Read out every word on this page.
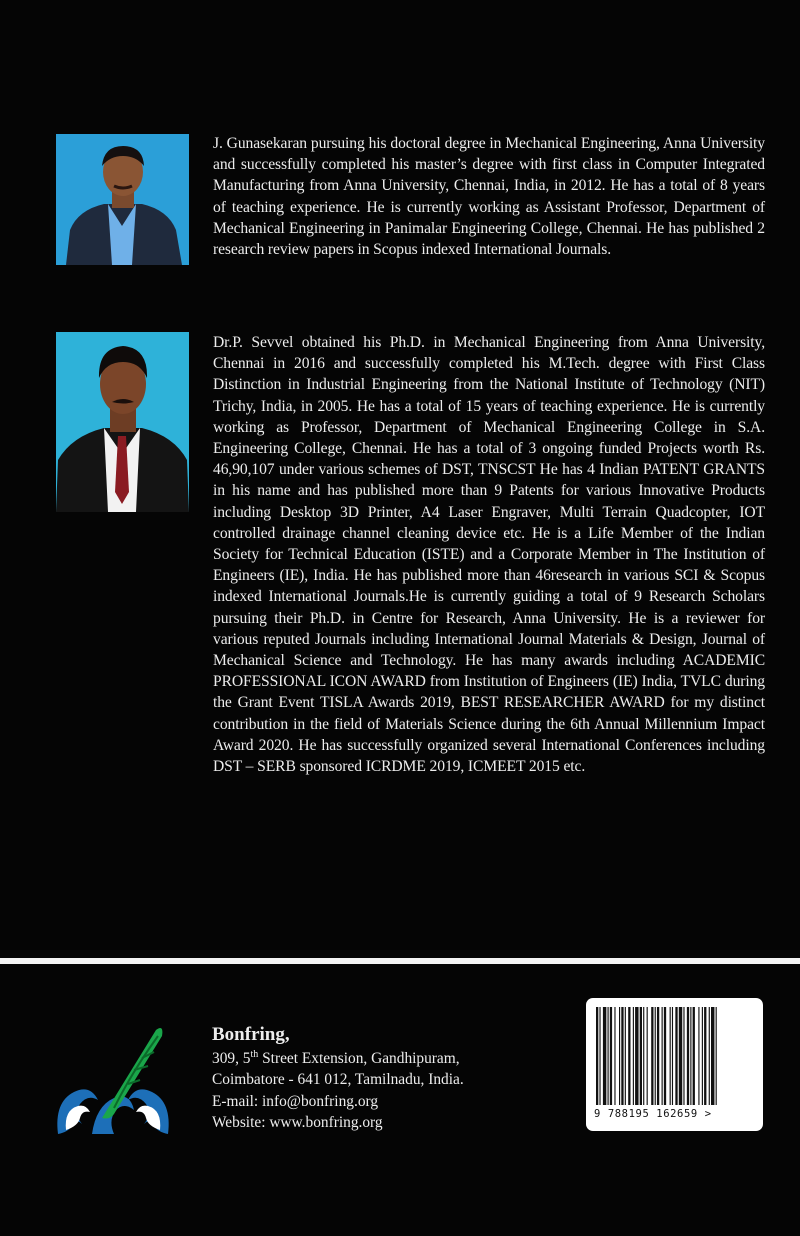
J. Gunasekaran pursuing his doctoral degree in Mechanical Engineering, Anna University and successfully completed his master’s degree with first class in Computer Integrated Manufacturing from Anna University, Chennai, India, in 2012. He has a total of 8 years of teaching experience. He is currently working as Assistant Professor, Department of Mechanical Engineering in Panimalar Engineering College, Chennai. He has published 2 research review papers in Scopus indexed International Journals.

Dr.P. Sevvel obtained his Ph.D. in Mechanical Engineering from Anna University, Chennai in 2016 and successfully completed his M.Tech. degree with First Class Distinction in Industrial Engineering from the National Institute of Technology (NIT) Trichy, India, in 2005. He has a total of 15 years of teaching experience. He is currently working as Professor, Department of Mechanical Engineering College in S.A. Engineering College, Chennai. He has a total of 3 ongoing funded Projects worth Rs. 46,90,107 under various schemes of DST, TNSCST He has 4 Indian PATENT GRANTS in his name and has published more than 9 Patents for various Innovative Products including Desktop 3D Printer, A4 Laser Engraver, Multi Terrain Quadcopter, IOT controlled drainage channel cleaning device etc. He is a Life Member of the Indian Society for Technical Education (ISTE) and a Corporate Member in The Institution of Engineers (IE), India. He has published more than 46research in various SCI & Scopus indexed International Journals.He is currently guiding a total of 9 Research Scholars pursuing their Ph.D. in Centre for Research, Anna University. He is a reviewer for various reputed Journals including International Journal Materials & Design, Journal of Mechanical Science and Technology. He has many awards including ACADEMIC PROFESSIONAL ICON AWARD from Institution of Engineers (IE) India, TVLC during the Grant Event TISLA Awards 2019, BEST RESEARCHER AWARD for my distinct contribution in the field of Materials Science during the 6th Annual Millennium Impact Award 2020. He has successfully organized several International Conferences including DST – SERB sponsored ICRDME 2019, ICMEET 2015 etc.

Bonfring,
309, 5th Street Extension, Gandhipuram,
Coimbatore - 641 012, Tamilnadu, India.
E-mail: info@bonfring.org
Website: www.bonfring.org	9 788195 162659 >
